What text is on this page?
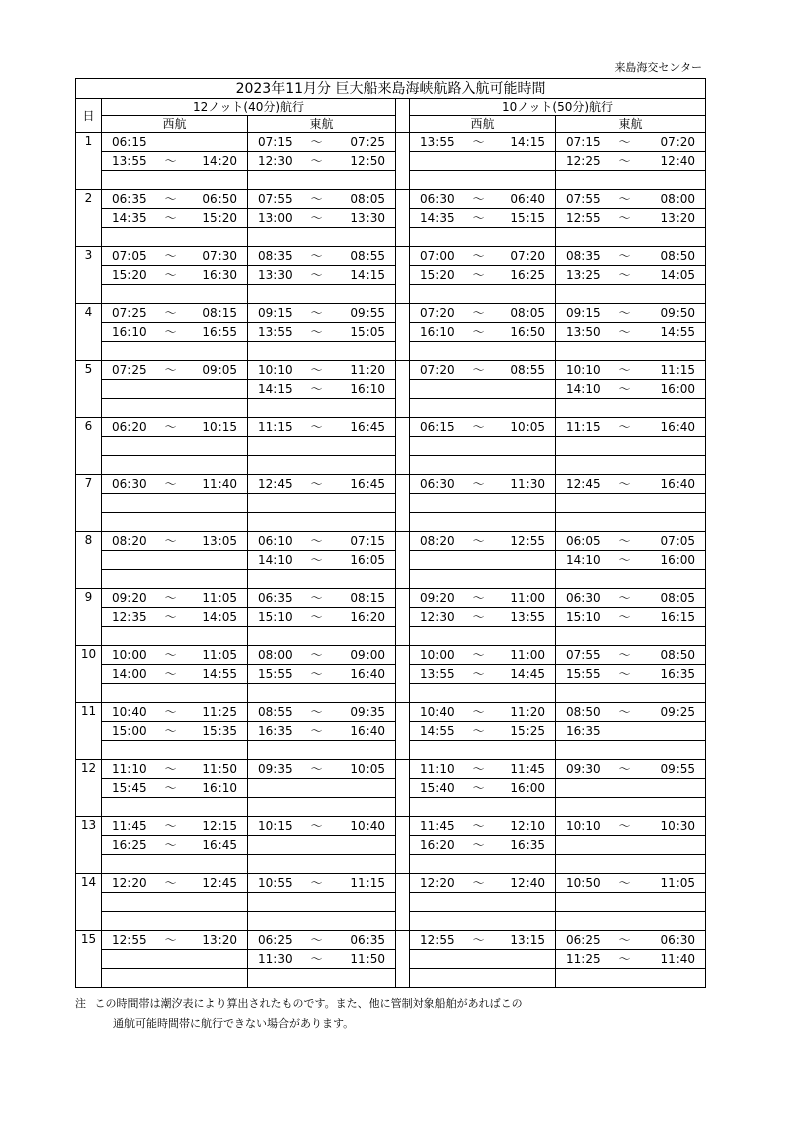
来島海交センター
2023年11月分 巨大船来島海峡航路入航可能時間													
日	12ノット(40分)航行							10ノット(50分)航行					
	西航			東航				西航			東航		
1	06:15			07:15	～	07:25		13:55	～	14:15	07:15	～	07:20
	13:55	～	14:20	12:30	～	12:50					12:25	～	12:40

2	06:35	～	06:50	07:55	～	08:05		06:30	～	06:40	07:55	～	08:00
	14:35	～	15:20	13:00	～	13:30		14:35	～	15:15	12:55	～	13:20

3	07:05	～	07:30	08:35	～	08:55		07:00	～	07:20	08:35	～	08:50
	15:20	～	16:30	13:30	～	14:15		15:20	～	16:25	13:25	～	14:05

4	07:25	～	08:15	09:15	～	09:55		07:20	～	08:05	09:15	～	09:50
	16:10	～	16:55	13:55	～	15:05		16:10	～	16:50	13:50	～	14:55

5	07:25	～	09:05	10:10	～	11:20		07:20	～	08:55	10:10	～	11:15
				14:15	～	16:10					14:10	～	16:00

6	06:20	～	10:15	11:15	～	16:45		06:15	～	10:05	11:15	～	16:40

7	06:30	～	11:40	12:45	～	16:45		06:30	～	11:30	12:45	～	16:40

8	08:20	～	13:05	06:10	～	07:15		08:20	～	12:55	06:05	～	07:05
				14:10	～	16:05					14:10	～	16:00

9	09:20	～	11:05	06:35	～	08:15		09:20	～	11:00	06:30	～	08:05
	12:35	～	14:05	15:10	～	16:20		12:30	～	13:55	15:10	～	16:15

10	10:00	～	11:05	08:00	～	09:00		10:00	～	11:00	07:55	～	08:50
	14:00	～	14:55	15:55	～	16:40		13:55	～	14:45	15:55	～	16:35

11	10:40	～	11:25	08:55	～	09:35		10:40	～	11:20	08:50	～	09:25
	15:00	～	15:35	16:35	～	16:40		14:55	～	15:25	16:35		

12	11:10	～	11:50	09:35	～	10:05		11:10	～	11:45	09:30	～	09:55
	15:45	～	16:10					15:40	～	16:00			

13	11:45	～	12:15	10:15	～	10:40		11:45	～	12:10	10:10	～	10:30
	16:25	～	16:45					16:20	～	16:35			

14	12:20	～	12:45	10:55	～	11:15		12:20	～	12:40	10:50	～	11:05

15	12:55	～	13:20	06:25	～	06:35		12:55	～	13:15	06:25	～	06:30
				11:30	～	11:50					11:25	～	11:40

注 この時間帯は潮汐表により算出されたものです。また、他に管制対象船舶があればこの
通航可能時間帯に航行できない場合があります。
